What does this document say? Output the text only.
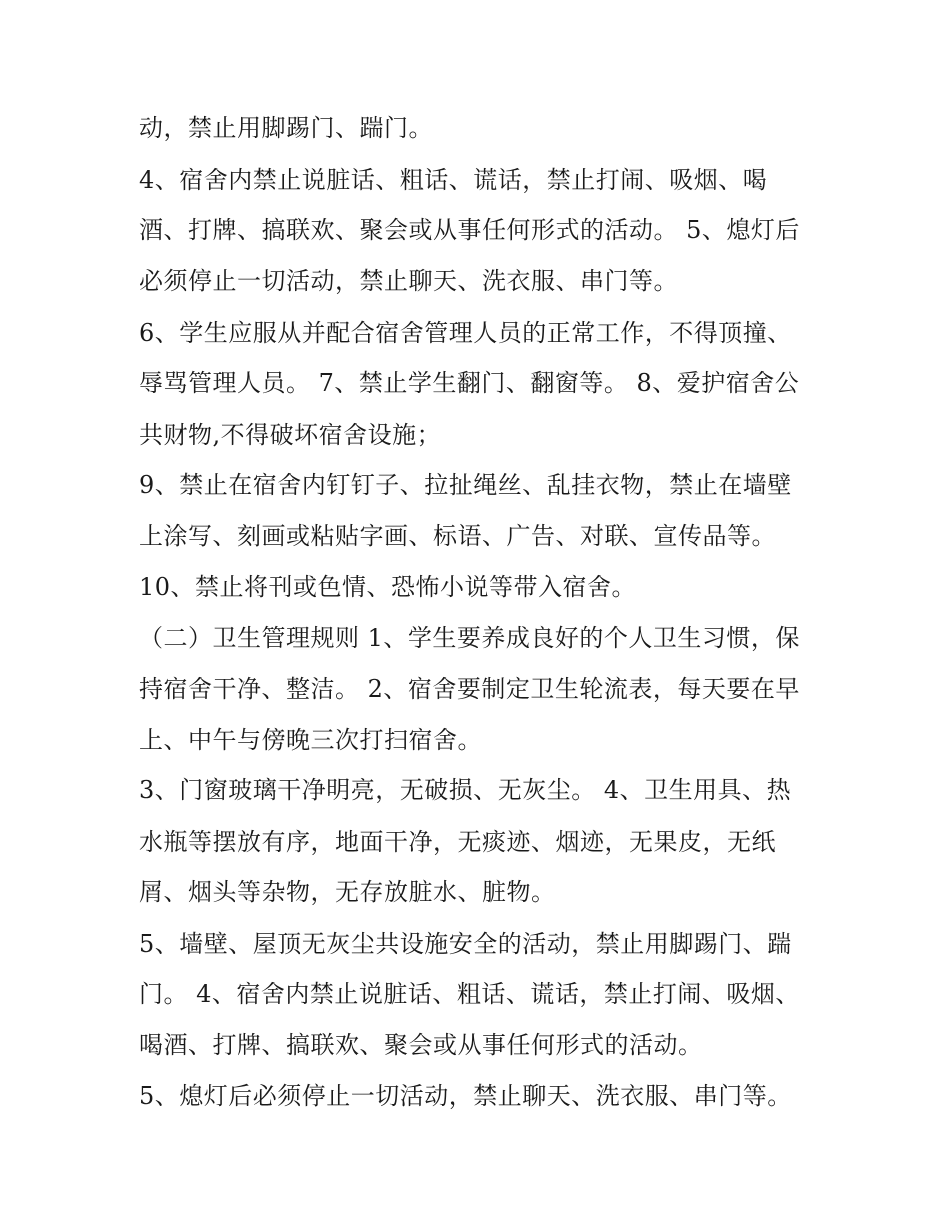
动，禁止用脚踢门、踹门。
4、宿舍内禁止说脏话、粗话、谎话，禁止打闹、吸烟、喝
酒、打牌、搞联欢、聚会或从事任何形式的活动。 5、熄灯后
必须停止一切活动，禁止聊天、洗衣服、串门等。
6、学生应服从并配合宿舍管理人员的正常工作，不得顶撞、
辱骂管理人员。 7、禁止学生翻门、翻窗等。 8、爱护宿舍公
共财物,不得破坏宿舍设施；
9、禁止在宿舍内钉钉子、拉扯绳丝、乱挂衣物，禁止在墙壁
上涂写、刻画或粘贴字画、标语、广告、对联、宣传品等。
10、禁止将刊或色情、恐怖小说等带入宿舍。
（二）卫生管理规则 1、学生要养成良好的个人卫生习惯，保
持宿舍干净、整洁。 2、宿舍要制定卫生轮流表，每天要在早
上、中午与傍晚三次打扫宿舍。
3、门窗玻璃干净明亮，无破损、无灰尘。 4、卫生用具、热
水瓶等摆放有序，地面干净，无痰迹、烟迹，无果皮，无纸
屑、烟头等杂物，无存放脏水、脏物。
5、墙壁、屋顶无灰尘共设施安全的活动，禁止用脚踢门、踹
门。 4、宿舍内禁止说脏话、粗话、谎话，禁止打闹、吸烟、
喝酒、打牌、搞联欢、聚会或从事任何形式的活动。
5、熄灯后必须停止一切活动，禁止聊天、洗衣服、串门等。
